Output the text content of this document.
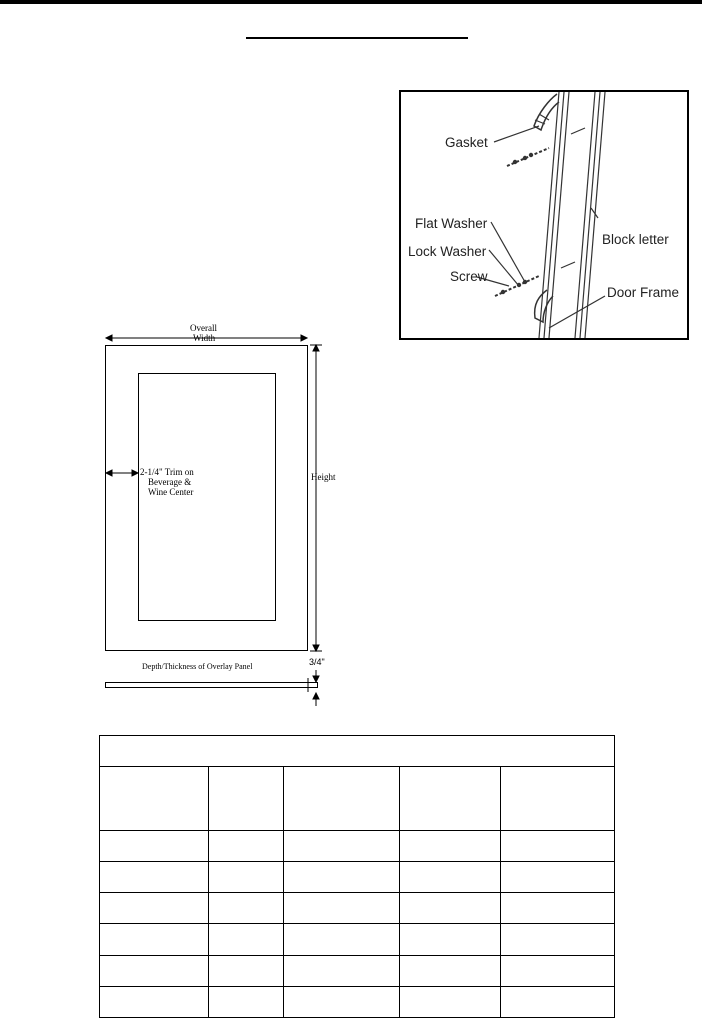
Gasket
Flat Washer
Lock Washer
Screw
Block letter
Door Frame
Overall
Width
2-1/4" Trim on
Beverage &
Wine Center
Height
Depth/Thickness of Overlay Panel	3/4"
